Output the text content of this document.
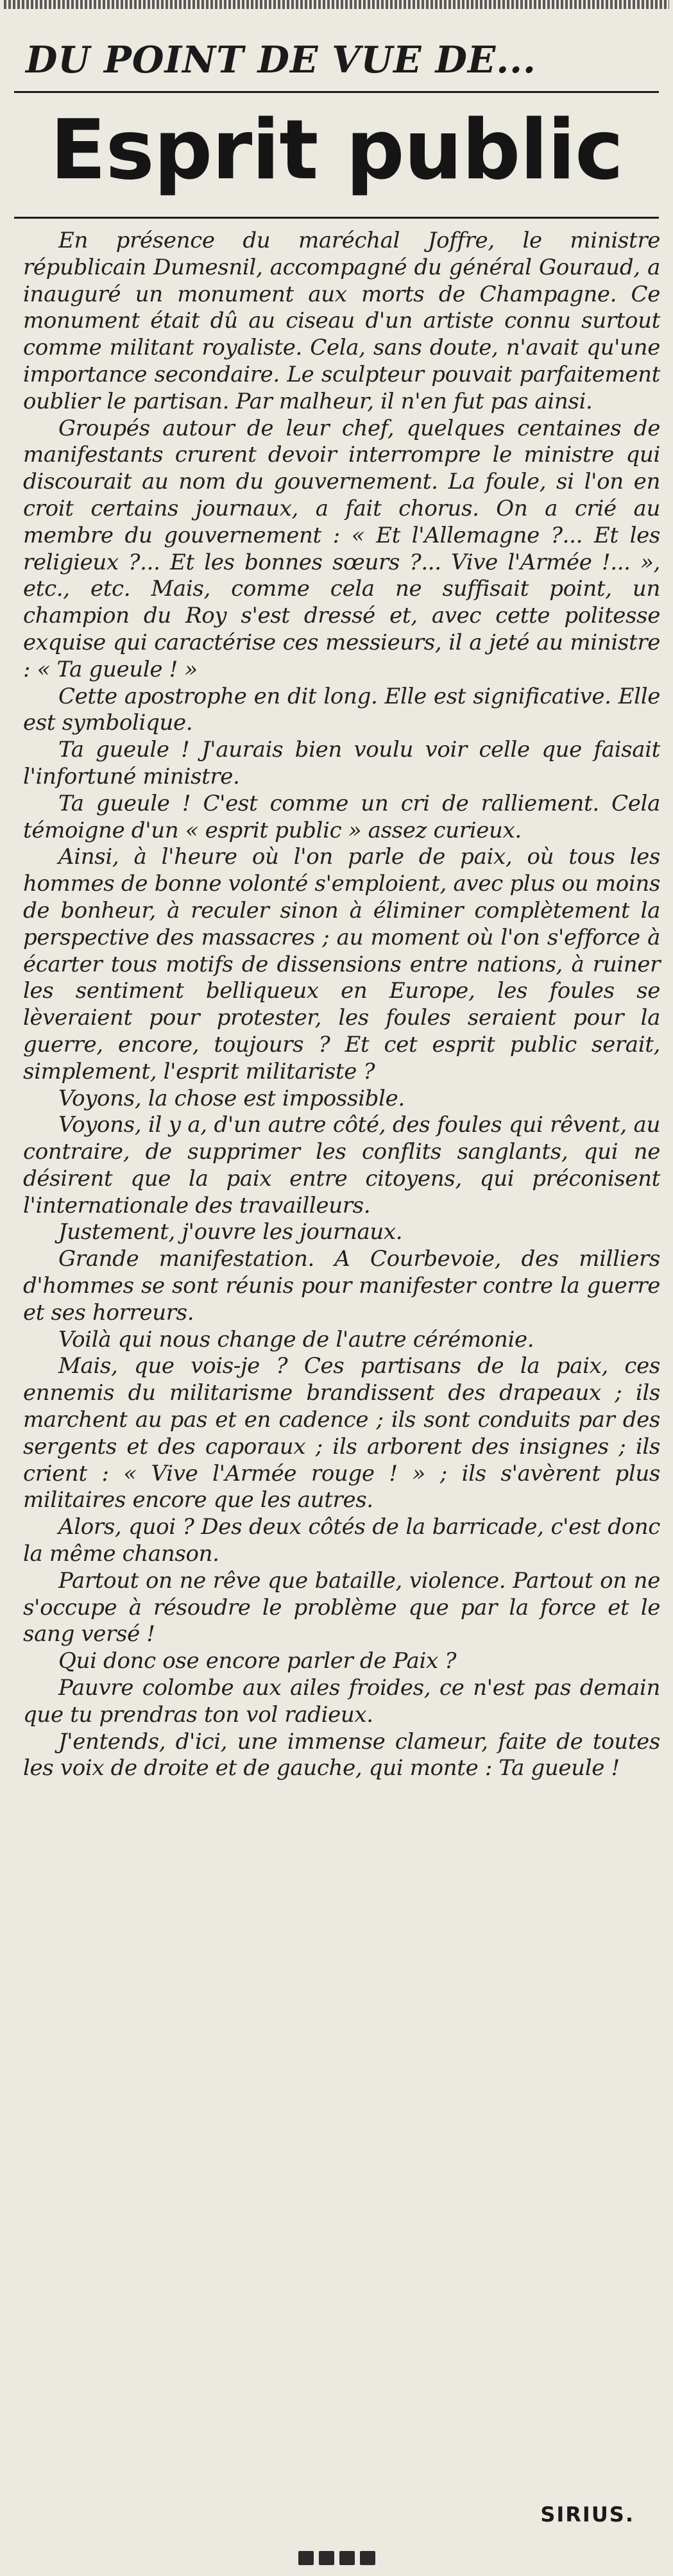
DU POINT DE VUE DE...
Esprit public

En présence du maréchal Joffre, le ministre républicain Dumesnil, accompagné du général Gouraud, a inauguré un monument aux morts de Champagne. Ce monument était dû au ciseau d'un artiste connu surtout comme militant royaliste. Cela, sans doute, n'avait qu'une importance secondaire. Le sculpteur pouvait parfaitement oublier le partisan. Par malheur, il n'en fut pas ainsi.

Groupés autour de leur chef, quelques centaines de manifestants crurent devoir interrompre le ministre qui discourait au nom du gouvernement. La foule, si l'on en croit certains journaux, a fait chorus. On a crié au membre du gouvernement : « Et l'Allemagne ?... Et les religieux ?... Et les bonnes sœurs ?... Vive l'Armée !... », etc., etc. Mais, comme cela ne suffisait point, un champion du Roy s'est dressé et, avec cette politesse exquise qui caractérise ces messieurs, il a jeté au ministre : « Ta gueule ! »

Cette apostrophe en dit long. Elle est significative. Elle est symbolique.

Ta gueule ! J'aurais bien voulu voir celle que faisait l'infortuné ministre.

Ta gueule ! C'est comme un cri de ralliement. Cela témoigne d'un « esprit public » assez curieux.

Ainsi, à l'heure où l'on parle de paix, où tous les hommes de bonne volonté s'emploient, avec plus ou moins de bonheur, à reculer sinon à éliminer complètement la perspective des massacres ; au moment où l'on s'efforce à écarter tous motifs de dissensions entre nations, à ruiner les sentiment belliqueux en Europe, les foules se lèveraient pour protester, les foules seraient pour la guerre, encore, toujours ? Et cet esprit public serait, simplement, l'esprit militariste ?

Voyons, la chose est impossible.

Voyons, il y a, d'un autre côté, des foules qui rêvent, au contraire, de supprimer les conflits sanglants, qui ne désirent que la paix entre citoyens, qui préconisent l'internationale des travailleurs.

Justement, j'ouvre les journaux.

Grande manifestation. A Courbevoie, des milliers d'hommes se sont réunis pour manifester contre la guerre et ses horreurs.

Voilà qui nous change de l'autre cérémonie.

Mais, que vois-je ? Ces partisans de la paix, ces ennemis du militarisme brandissent des drapeaux ; ils marchent au pas et en cadence ; ils sont conduits par des sergents et des caporaux ; ils arborent des insignes ; ils crient : « Vive l'Armée rouge ! » ; ils s'avèrent plus militaires encore que les autres.

Alors, quoi ? Des deux côtés de la barricade, c'est donc la même chanson.

Partout on ne rêve que bataille, violence. Partout on ne s'occupe à résoudre le problème que par la force et le sang versé !

Qui donc ose encore parler de Paix ?

Pauvre colombe aux ailes froides, ce n'est pas demain que tu prendras ton vol radieux.

J'entends, d'ici, une immense clameur, faite de toutes les voix de droite et de gauche, qui monte : Ta gueule !

SIRIUS.
